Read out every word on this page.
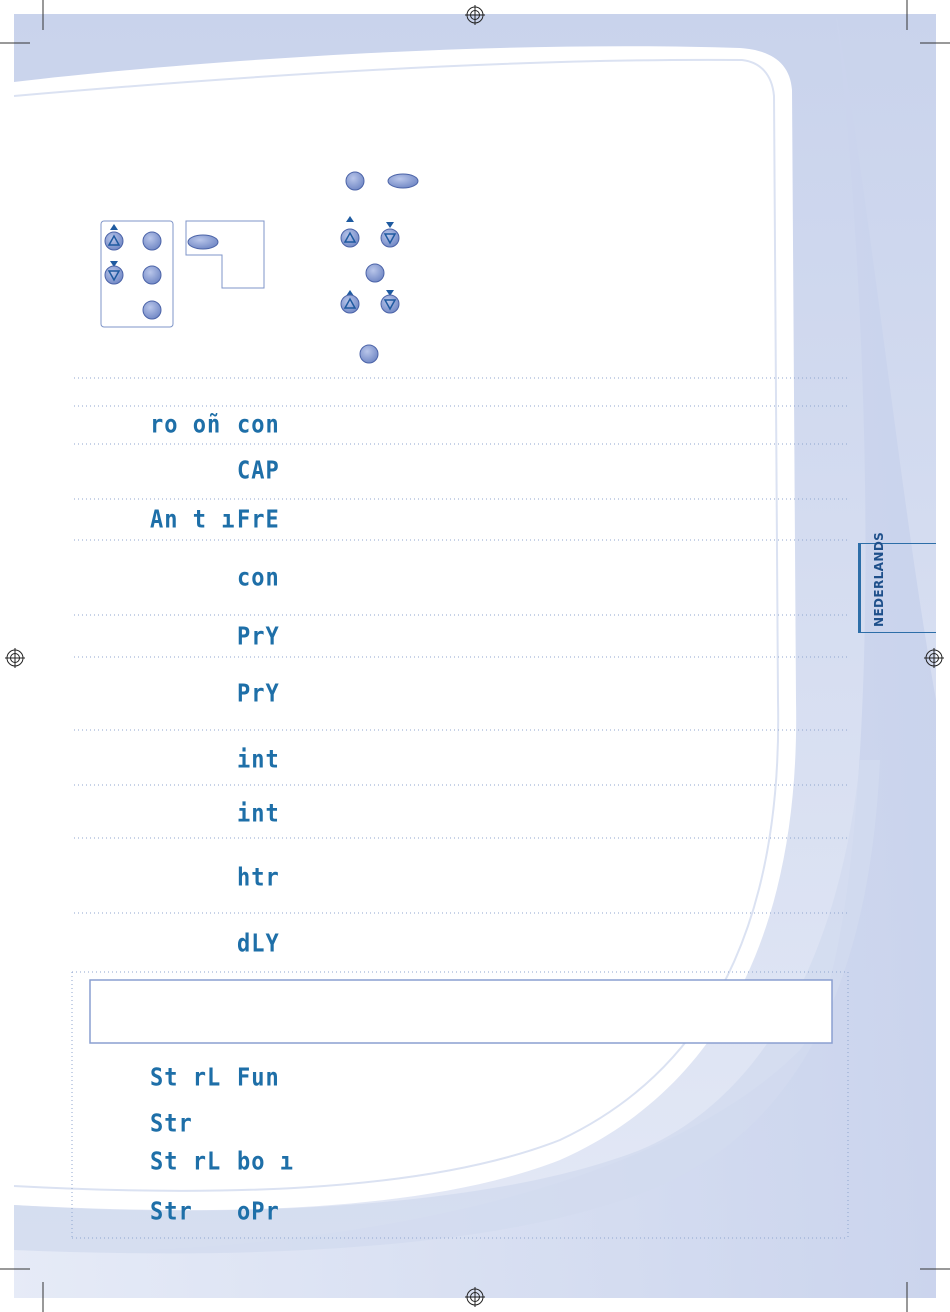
NEDERLANDS
ro oñ con
CAP
An t ı FrE
con
PrY
PrY
int
int
htr
dLY
St rL Fun
Str
St rL bo ı
Str oPr
